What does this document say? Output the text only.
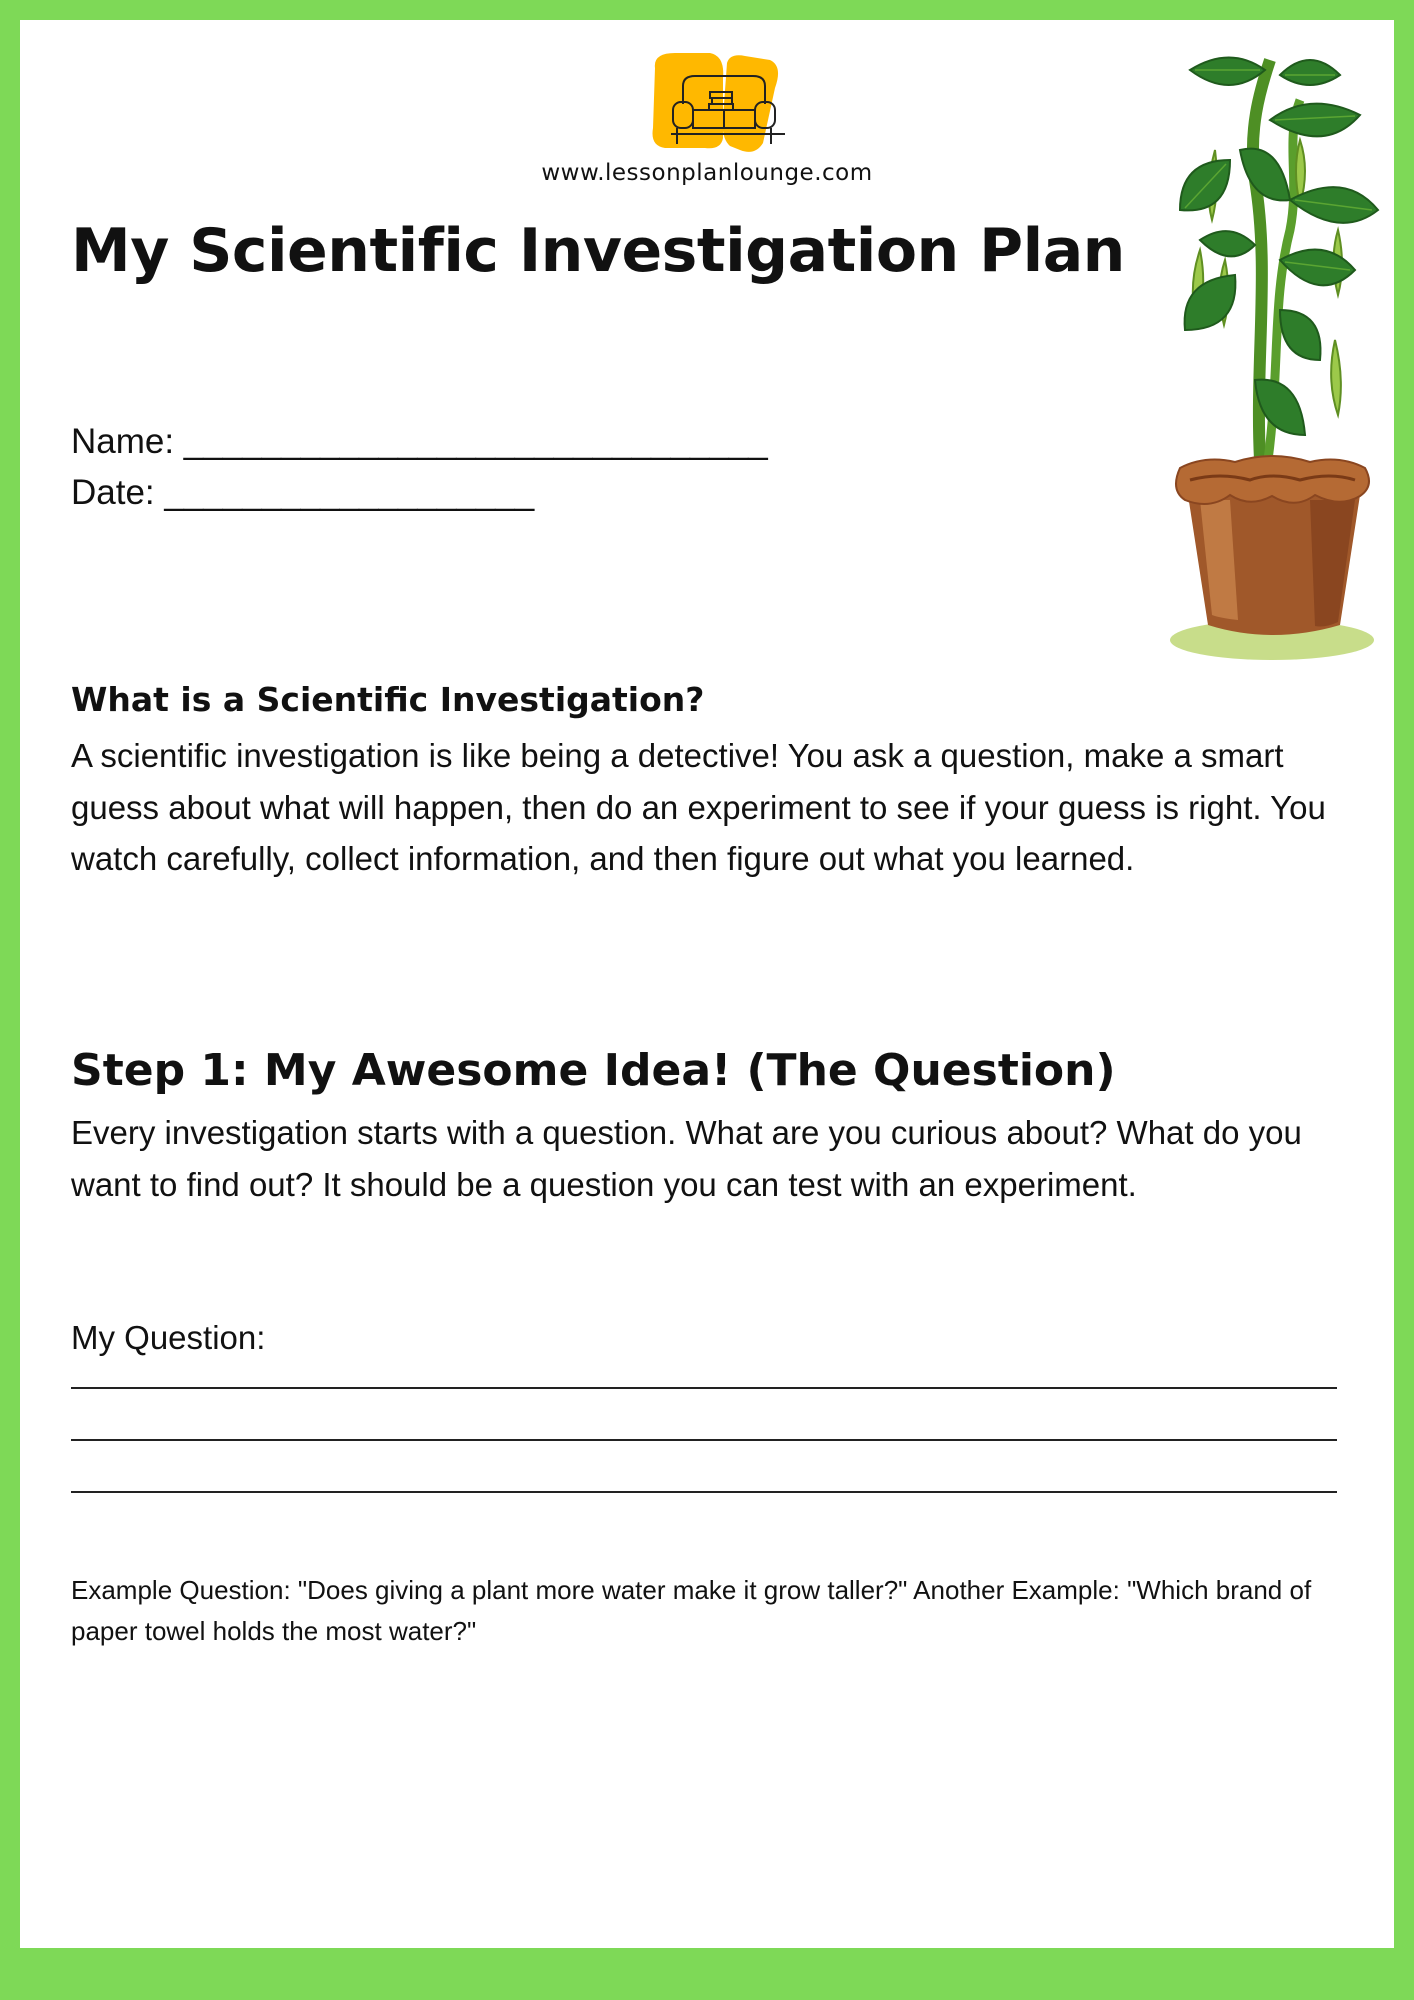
www.lessonplanlounge.com
My Scientific Investigation Plan
Name: ______________________________
Date: ___________________
What is a Scientific Investigation?

A scientific investigation is like being a detective! You ask a question, make a smart guess about what will happen, then do an experiment to see if your guess is right. You watch carefully, collect information, and then figure out what you learned.

Step 1: My Awesome Idea! (The Question)

Every investigation starts with a question. What are you curious about? What do you want to find out? It should be a question you can test with an experiment.

My Question:

Example Question: "Does giving a plant more water make it grow taller?" Another Example: "Which brand of paper towel holds the most water?"
